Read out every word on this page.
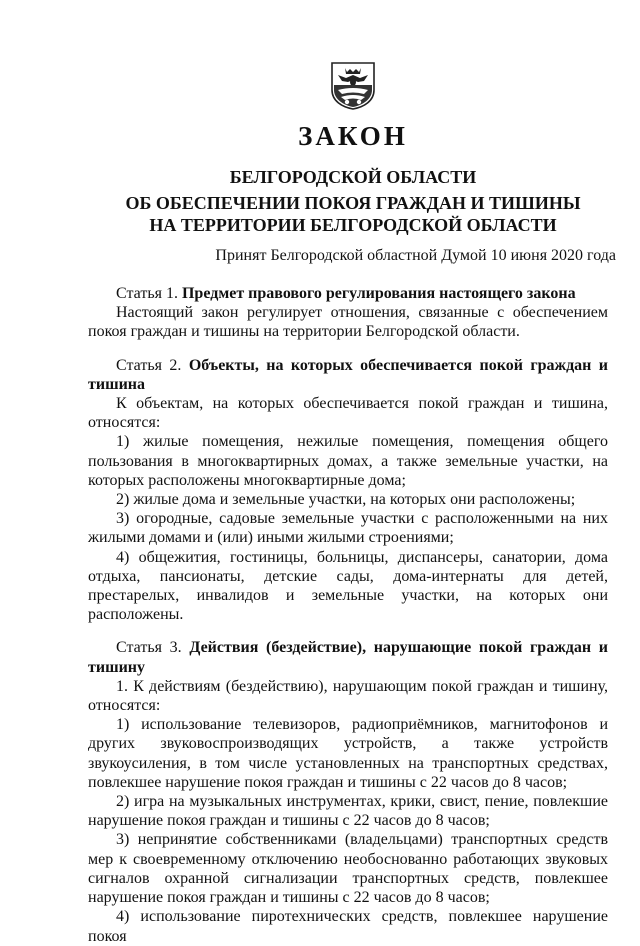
ЗАКОН
БЕЛГОРОДСКОЙ ОБЛАСТИ
ОБ ОБЕСПЕЧЕНИИ ПОКОЯ ГРАЖДАН И ТИШИНЫ
НА ТЕРРИТОРИИ БЕЛГОРОДСКОЙ ОБЛАСТИ

Принят Белгородской областной Думой 10 июня 2020 года

Статья 1. Предмет правового регулирования настоящего закона

Настоящий закон регулирует отношения, связанные с обеспечением покоя граждан и тишины на территории Белгородской области.

Статья 2. Объекты, на которых обеспечивается покой граждан и тишина

К объектам, на которых обеспечивается покой граждан и тишина, относятся:

1) жилые помещения, нежилые помещения, помещения общего пользования в многоквартирных домах, а также земельные участки, на которых расположены многоквартирные дома;

2) жилые дома и земельные участки, на которых они расположены;

3) огородные, садовые земельные участки с расположенными на них жилыми домами и (или) иными жилыми строениями;

4) общежития, гостиницы, больницы, диспансеры, санатории, дома отдыха, пансионаты, детские сады, дома-интернаты для детей, престарелых, инвалидов и земельные участки, на которых они расположены.

Статья 3. Действия (бездействие), нарушающие покой граждан и тишину

1. К действиям (бездействию), нарушающим покой граждан и тишину, относятся:

1) использование телевизоров, радиоприёмников, магнитофонов и других звуковоспроизводящих устройств, а также устройств звукоусиления, в том числе установленных на транспортных средствах, повлекшее нарушение покоя граждан и тишины с 22 часов до 8 часов;

2) игра на музыкальных инструментах, крики, свист, пение, повлекшие нарушение покоя граждан и тишины с 22 часов до 8 часов;

3) непринятие собственниками (владельцами) транспортных средств мер к своевременному отключению необоснованно работающих звуковых сигналов охранной сигнализации транспортных средств, повлекшее нарушение покоя граждан и тишины с 22 часов до 8 часов;

4) использование пиротехнических средств, повлекшее нарушение покоя
